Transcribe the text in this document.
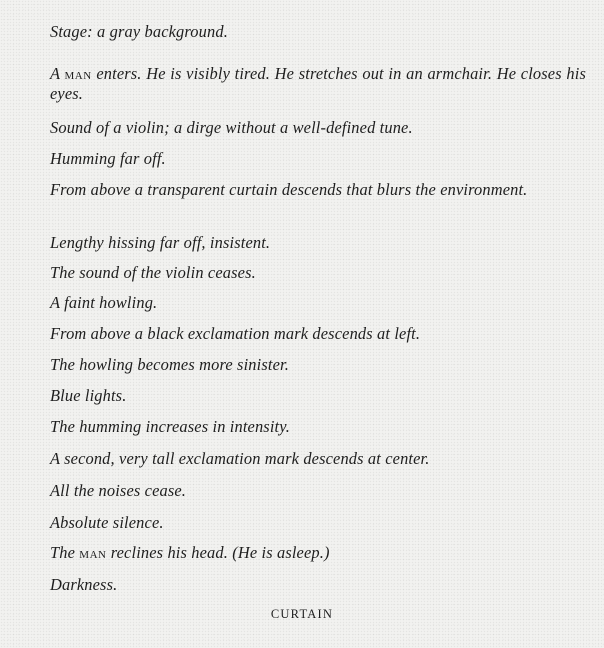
Stage: a gray background.
A man enters. He is visibly tired. He stretches out in an armchair. He closes his eyes.
Sound of a violin; a dirge without a well-defined tune.
Humming far off.
From above a transparent curtain descends that blurs the environment.
Lengthy hissing far off, insistent.
The sound of the violin ceases.
A faint howling.
From above a black exclamation mark descends at left.
The howling becomes more sinister.
Blue lights.
The humming increases in intensity.
A second, very tall exclamation mark descends at center.
All the noises cease.
Absolute silence.
The man reclines his head. (He is asleep.)
Darkness.
CURTAIN
